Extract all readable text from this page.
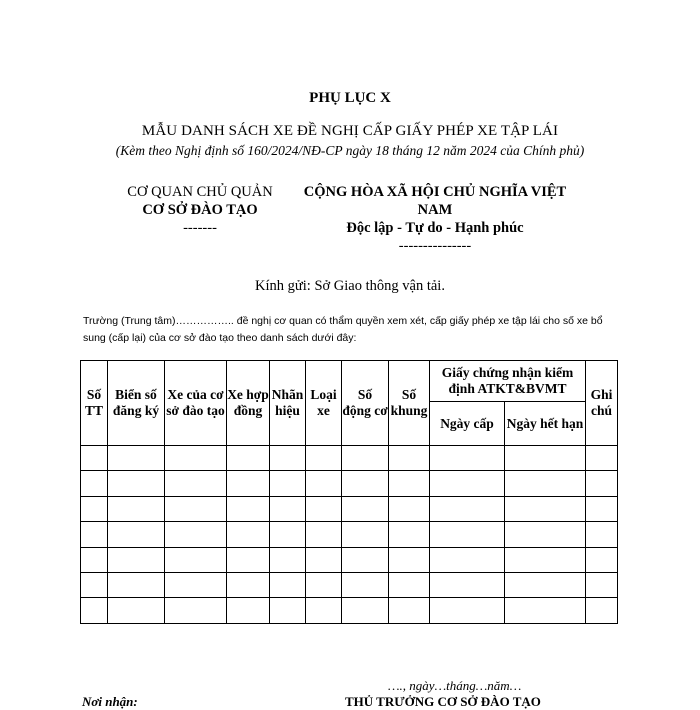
PHỤ LỤC X
MẪU DANH SÁCH XE ĐỀ NGHỊ CẤP GIẤY PHÉP XE TẬP LÁI
(Kèm theo Nghị định số 160/2024/NĐ-CP ngày 18 tháng 12 năm 2024 của Chính phủ)
CƠ QUAN CHỦ QUẢN
CƠ SỞ ĐÀO TẠO
-------
CỘNG HÒA XÃ HỘI CHỦ NGHĨA VIỆT NAM
Độc lập - Tự do - Hạnh phúc
---------------
Kính gửi: Sở Giao thông vận tải.
Trường (Trung tâm)…………….. đề nghị cơ quan có thẩm quyền xem xét, cấp giấy phép xe tập lái cho số xe bổ sung (cấp lại) của cơ sở đào tạo theo danh sách dưới đây:
Số TT	Biển số đăng ký	Xe của cơ sở đào tạo	Xe hợp đồng	Nhãn hiệu	Loại xe	Số động cơ	Số khung	Giấy chứng nhận kiểm định ATKT&BVMT		Ghi chú
								Ngày cấp	Ngày hết hạn	

…., ngày…tháng…năm…
Nơi nhận:	THỦ TRƯỞNG CƠ SỞ ĐÀO TẠO
